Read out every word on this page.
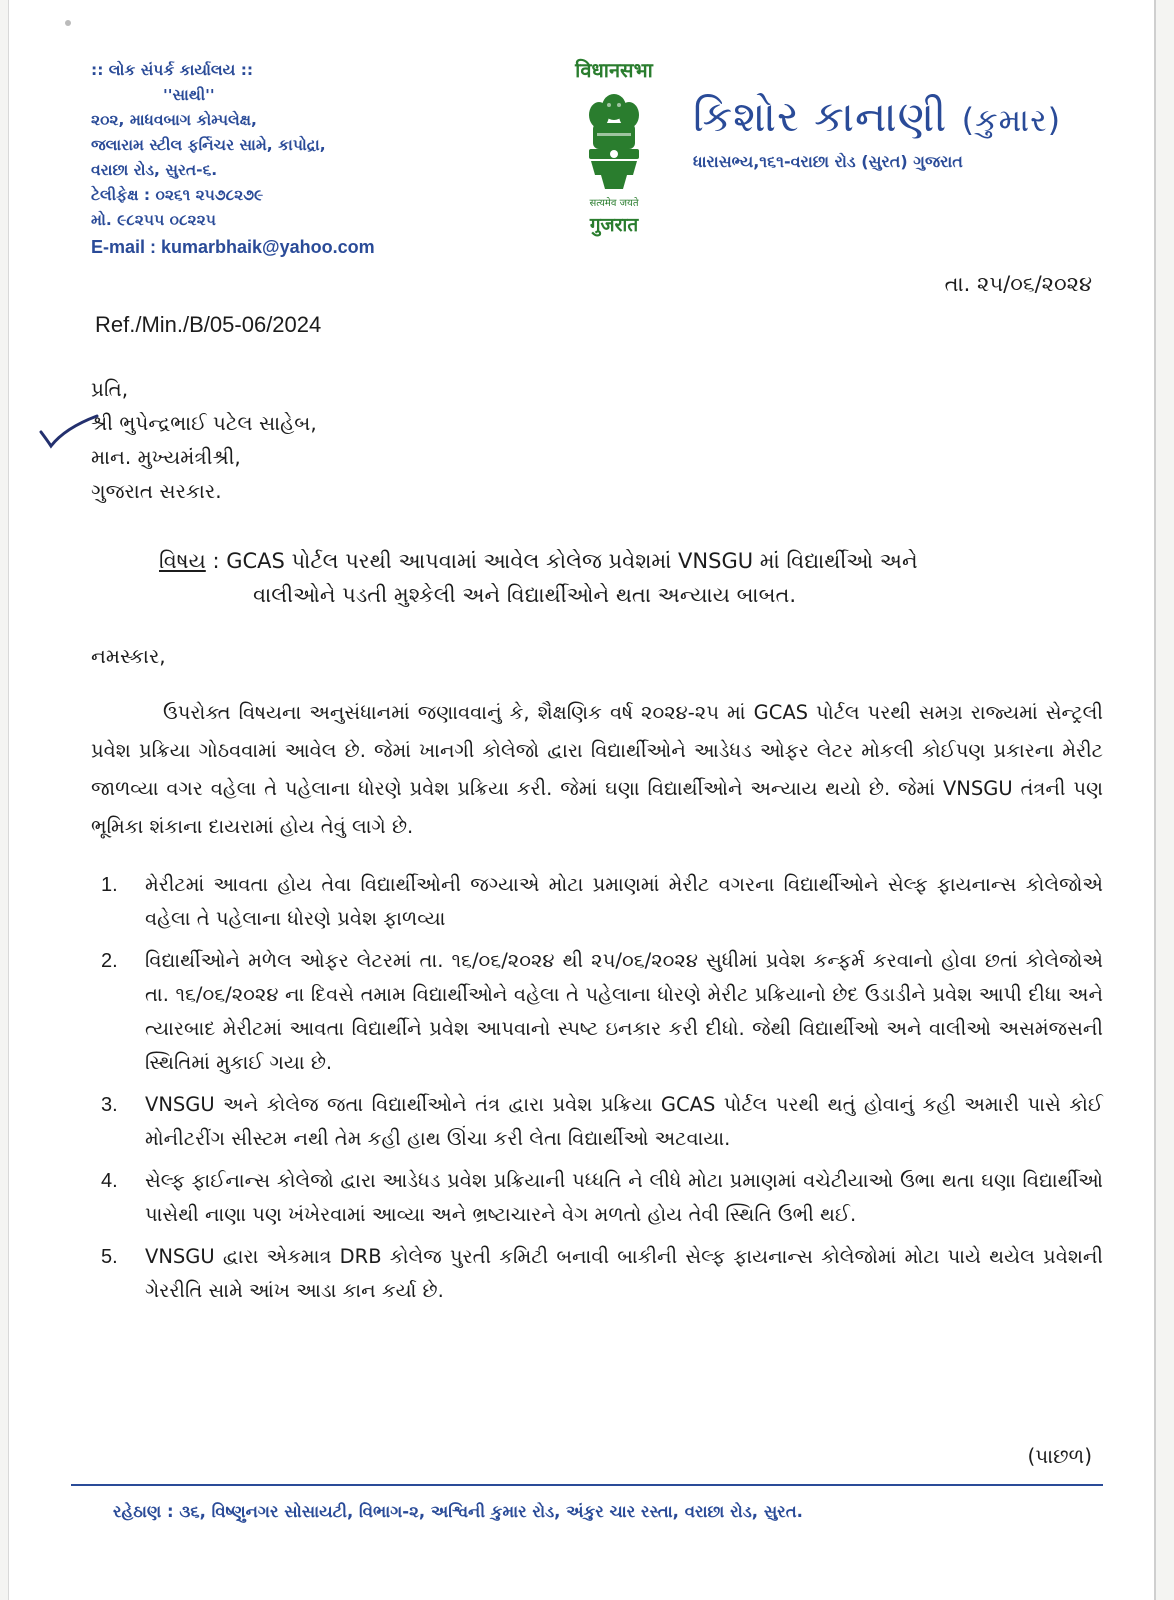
:: લોક સંપર્ક કાર્યાલય ::
''સાથી''
૨૦૨, માધવબાગ કોમ્પલેક્ષ,
જલારામ સ્ટીલ ફર્નિચર સામે, કાપોદ્રા,
વરાછા રોડ, સુરત-૬.
ટેલીફેક્ષ : ૦૨૬૧ ૨૫૭૮૨૭૯
મો. ૯૮૨૫૫ ૦૮૨૨૫
E-mail : kumarbhaik@yahoo.com
विधानसभा
सत्यमेव जयते
गुजरात
કિશોર કાનાણી (કુમાર)
ધારાસભ્ય,૧૬૧-વરાછા રોડ (સુરત) ગુજરાત
તા. ૨૫/૦૬/૨૦૨૪
Ref./Min./B/05-06/2024
પ્રતિ,
શ્રી ભુપેન્દ્રભાઈ પટેલ સાહેબ,
માન. મુખ્યમંત્રીશ્રી,
ગુજરાત સરકાર.
વિષય : GCAS પોર્ટલ પરથી આપવામાં આવેલ કોલેજ પ્રવેશમાં VNSGU માં વિદ્યાર્થીઓ અને
વાલીઓને પડતી મુશ્કેલી અને વિદ્યાર્થીઓને થતા અન્યાય બાબત.
નમસ્કાર,
ઉપરોક્ત વિષયના અનુસંધાનમાં જણાવવાનું કે, શૈક્ષણિક વર્ષ ૨૦૨૪-૨૫ માં GCAS પોર્ટલ પરથી સમગ્ર રાજ્યમાં સેન્ટ્રલી પ્રવેશ પ્રક્રિયા ગોઠવવામાં આવેલ છે. જેમાં ખાનગી કોલેજો દ્વારા વિદ્યાર્થીઓને આડેધડ ઓફર લેટર મોકલી કોઈપણ પ્રકારના મેરીટ જાળવ્યા વગર વહેલા તે પહેલાના ધોરણે પ્રવેશ પ્રક્રિયા કરી. જેમાં ઘણા વિદ્યાર્થીઓને અન્યાય થયો છે. જેમાં VNSGU તંત્રની પણ ભૂમિકા શંકાના દાયરામાં હોય તેવું લાગે છે.
1. મેરીટમાં આવતા હોય તેવા વિદ્યાર્થીઓની જગ્યાએ મોટા પ્રમાણમાં મેરીટ વગરના વિદ્યાર્થીઓને સેલ્ફ ફાયનાન્સ કોલેજોએ વહેલા તે પહેલાના ધોરણે પ્રવેશ ફાળવ્યા
2. વિદ્યાર્થીઓને મળેલ ઓફર લેટરમાં તા. ૧૬/૦૬/૨૦૨૪ થી ૨૫/૦૬/૨૦૨૪ સુધીમાં પ્રવેશ કન્ફર્મ કરવાનો હોવા છતાં કોલેજોએ તા. ૧૬/૦૬/૨૦૨૪ ના દિવસે તમામ વિદ્યાર્થીઓને વહેલા તે પહેલાના ધોરણે મેરીટ પ્રક્રિયાનો છેદ ઉડાડીને પ્રવેશ આપી દીધા અને ત્યારબાદ મેરીટમાં આવતા વિદ્યાર્થીને પ્રવેશ આપવાનો સ્પષ્ટ ઇનકાર કરી દીધો. જેથી વિદ્યાર્થીઓ અને વાલીઓ અસમંજસની સ્થિતિમાં મુકાઈ ગયા છે.
3. VNSGU અને કોલેજ જતા વિદ્યાર્થીઓને તંત્ર દ્વારા પ્રવેશ પ્રક્રિયા GCAS પોર્ટલ પરથી થતું હોવાનું કહી અમારી પાસે કોઈ મોનીટરીંગ સીસ્ટમ નથી તેમ કહી હાથ ઊંચા કરી લેતા વિદ્યાર્થીઓ અટવાયા.
4. સેલ્ફ ફાઈનાન્સ કોલેજો દ્વારા આડેધડ પ્રવેશ પ્રક્રિયાની પધ્ધતિ ને લીધે મોટા પ્રમાણમાં વચેટીયાઓ ઉભા થતા ઘણા વિદ્યાર્થીઓ પાસેથી નાણા પણ ખંખેરવામાં આવ્યા અને ભ્રષ્ટાચારને વેગ મળતો હોય તેવી સ્થિતિ ઉભી થઈ.
5. VNSGU દ્વારા એકમાત્ર DRB કોલેજ પુરતી કમિટી બનાવી બાકીની સેલ્ફ ફાયનાન્સ કોલેજોમાં મોટા પાયે થયેલ પ્રવેશની ગેરરીતિ સામે આંખ આડા કાન કર્યા છે.
(પાછળ)
રહેઠાણ : ૩૬, વિષ્ણુનગર સોસાયટી, વિભાગ-૨, અશ્વિની કુમાર રોડ, અંકુર ચાર રસ્તા, વરાછા રોડ, સુરત.
